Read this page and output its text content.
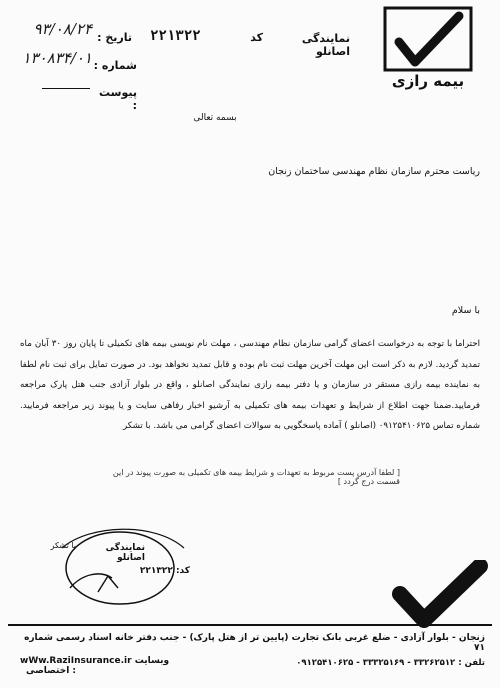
بیمه رازی
نمایندگی اصانلو
کد
۲۲۱۳۲۲
تاریخ :
۹۳/۰۸/۲۴
شماره :
۱۳۰۸۳۴/۰۱
پیوست :
بسمه تعالی
ریاست محترم سازمان نظام مهندسی ساختمان زنجان
با سلام
احتراما با توجه به درخواست اعضای گرامی سازمان نظام مهندسی ، مهلت نام نویسی بیمه های تکمیلی تا پایان روز ۳۰ آبان ماه تمدید گردید. لازم به ذکر است این مهلت آخرین مهلت ثبت نام بوده و قابل تمدید نخواهد بود. در صورت تمایل برای ثبت نام لطفا به نماینده بیمه رازی مستقر در سازمان و یا دفتر بیمه رازی نمایندگی اصانلو ، واقع در بلوار آزادی جنب هتل پارک مراجعه فرمایید.ضمنا جهت اطلاع از شرایط و تعهدات بیمه های تکمیلی به آرشیو اخبار رفاهی سایت و یا پیوند زیر مراجعه فرمایید. شماره تماس ۰۹۱۲۵۴۱۰۶۲۵ (اصانلو ) آماده پاسخگویی به سوالات اعضای گرامی می باشد. با تشکر
[ لطفا آدرس پست مربوط به تعهدات و شرایط بیمه های تکمیلی به صورت پیوند در این قسمت درج گردد ]
نمایندگی اصانلو
کد: ۲۲۱۳۲۲
با تشکر
زنجان - بلوار آزادی - ضلع غربی بانک تجارت (پایین تر از هتل پارک) - جنب دفتر خانه اسناد رسمی شماره ۷۱
تلفن : ۳۳۲۶۲۵۱۲ - ۳۳۳۲۵۱۶۹ - ۰۹۱۲۵۴۱۰۶۲۵
wWw.RaziInsurance.ir وبسایت اختصاصی :
